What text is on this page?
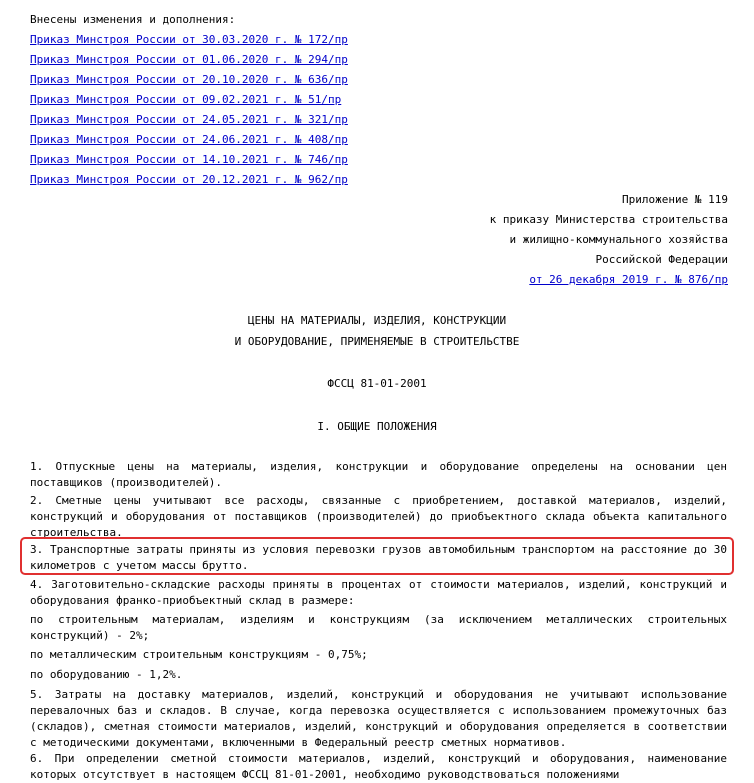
Внесены изменения и дополнения:
Приказ Минстроя России от 30.03.2020 г. № 172/пр
Приказ Минстроя России от 01.06.2020 г. № 294/пр
Приказ Минстроя России от 20.10.2020 г. № 636/пр
Приказ Минстроя России от 09.02.2021 г. № 51/пр
Приказ Минстроя России от 24.05.2021 г. № 321/пр
Приказ Минстроя России от 24.06.2021 г. № 408/пр
Приказ Минстроя России от 14.10.2021 г. № 746/пр
Приказ Минстроя России от 20.12.2021 г. № 962/пр
Приложение № 119
к приказу Министерства строительства
и жилищно-коммунального хозяйства
Российской Федерации
от 26 декабря 2019 г. № 876/пр
ЦЕНЫ НА МАТЕРИАЛЫ, ИЗДЕЛИЯ, КОНСТРУКЦИИ
И ОБОРУДОВАНИЕ, ПРИМЕНЯЕМЫЕ В СТРОИТЕЛЬСТВЕ
ФССЦ 81-01-2001
I. ОБЩИЕ ПОЛОЖЕНИЯ
1. Отпускные цены на материалы, изделия, конструкции и оборудование определены на основании цен поставщиков (производителей).
2. Сметные цены учитывают все расходы, связанные с приобретением, доставкой материалов, изделий, конструкций и оборудования от поставщиков (производителей) до приобъектного склада объекта капитального строительства.
3. Транспортные затраты приняты из условия перевозки грузов автомобильным транспортом на расстояние до 30 километров с учетом массы брутто.
4. Заготовительно-складские расходы приняты в процентах от стоимости материалов, изделий, конструкций и оборудования франко-приобъектный склад в размере:
по строительным материалам, изделиям и конструкциям (за исключением металлических строительных конструкций) - 2%;
по металлическим строительным конструкциям - 0,75%;
по оборудованию - 1,2%.
5. Затраты на доставку материалов, изделий, конструкций и оборудования не учитывают использование перевалочных баз и складов. В случае, когда перевозка осуществляется с использованием промежуточных баз (складов), сметная стоимости материалов, изделий, конструкций и оборудования определяется в соответствии с методическими документами, включенными в Федеральный реестр сметных нормативов.
6. При определении сметной стоимости материалов, изделий, конструкций и оборудования, наименование которых отсутствует в настоящем ФССЦ 81-01-2001, необходимо руководствоваться положениями
